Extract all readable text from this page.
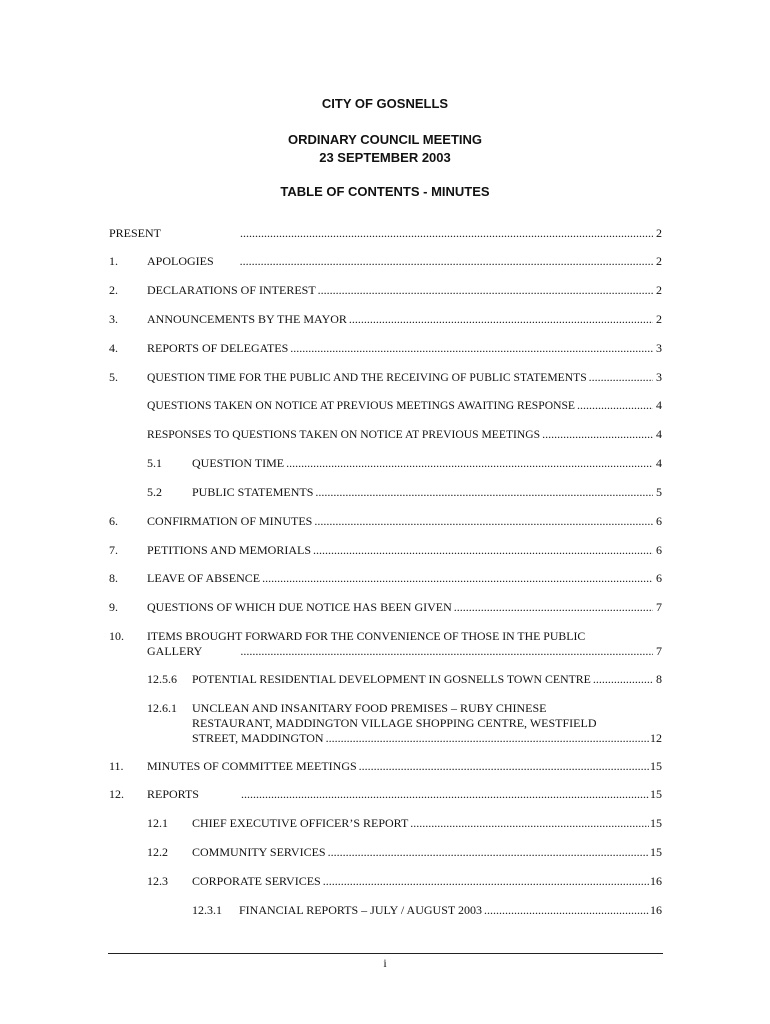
CITY OF GOSNELLS
ORDINARY COUNCIL MEETING
23 SEPTEMBER 2003
TABLE OF CONTENTS - MINUTES
PRESENT .....	2
1. APOLOGIES .....	2
2. DECLARATIONS OF INTEREST .....	2
3. ANNOUNCEMENTS BY THE MAYOR .....	2
4. REPORTS OF DELEGATES .....	3
5.	QUESTION TIME FOR THE PUBLIC AND THE RECEIVING OF PUBLIC STATEMENTS .....	3
QUESTIONS TAKEN ON NOTICE AT PREVIOUS MEETINGS AWAITING RESPONSE .....	4
RESPONSES TO QUESTIONS TAKEN ON NOTICE AT PREVIOUS MEETINGS .....	4
5.1	QUESTION TIME .....	4
5.2	PUBLIC STATEMENTS .....	5
6. CONFIRMATION OF MINUTES .....	6
7. PETITIONS AND MEMORIALS .....	6
8. LEAVE OF ABSENCE .....	6
9. QUESTIONS OF WHICH DUE NOTICE HAS BEEN GIVEN .....	7
10. ITEMS BROUGHT FORWARD FOR THE CONVENIENCE OF THOSE IN THE PUBLIC
GALLERY .....	7
12.5.6 POTENTIAL RESIDENTIAL DEVELOPMENT IN GOSNELLS TOWN CENTRE .....	8
12.6.1 UNCLEAN AND INSANITARY FOOD PREMISES – RUBY CHINESE
RESTAURANT, MADDINGTON VILLAGE SHOPPING CENTRE, WESTFIELD
STREET, MADDINGTON .....	12
11. MINUTES OF COMMITTEE MEETINGS .....	15
12. REPORTS .....	15
12.1 CHIEF EXECUTIVE OFFICER’S REPORT .....	15
12.2 COMMUNITY SERVICES .....	15
12.3 CORPORATE SERVICES .....	16
12.3.1 FINANCIAL REPORTS – JULY / AUGUST 2003 .....	16
i
